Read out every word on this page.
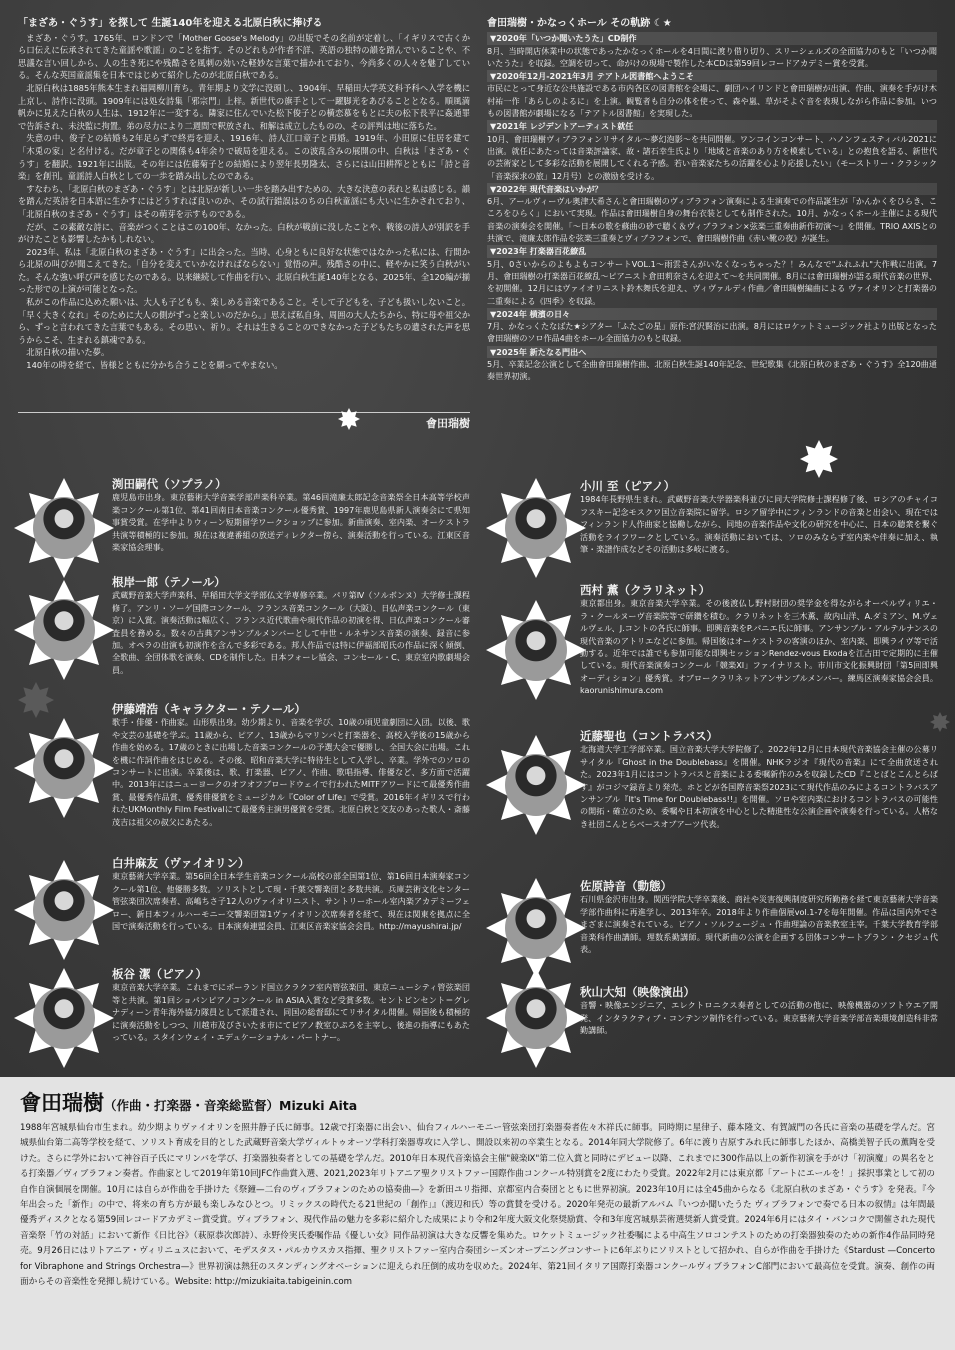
「まざあ・ぐうす」を探して 生誕140年を迎える北原白秋に捧げる

まざあ・ぐうす。1765年、ロンドンで「Mother Goose's Melody」の出版でその名前が定着し、「イギリスで古くから口伝えに伝承されてきた童謡や歌謡」のことを指す。そのどれもが作者不詳、英語の独特の韻を踏んでいることや、不思議な言い回しから、人の生き死にや残酷さを風刺の効いた軽妙な言葉で描かれており、今尚多くの人々を魅了している。そんな英国童謡集を日本ではじめて紹介したのが北原白秋である。

北原白秋は1885年熊本生まれ福岡柳川育ち。青年期より文学に没頭し、1904年、早稲田大学英文科予科へ入学を機に上京し、詩作に没頭。1909年には処女詩集「邪宗門」上梓。新世代の旗手として一躍脚光をあびることとなる。順風満帆かに見えた白秋の人生は、1912年に一変する。隣家に住んでいた松下俊子との横恋慕をもとに夫の松下長平に姦通罪で告訴され、未決監に拘置。弟の尽力により二週間で釈放され、和解は成立したものの、その評判は地に落ちた。

失意の中、俊子との結婚も2年足らずで終焉を迎え、1916年、詩人江口章子と再婚。1919年、小田原に住居を建て「木兎の家」と名付ける。だが章子との関係も4年余りで破局を迎える。この波乱含みの展開の中、白秋は「まざあ・ぐうす」を翻訳。1921年に出版。その年には佐藤菊子との結婚により翌年長男隆太、さらには山田耕筰とともに「詩と音楽」を創刊。童謡詩人白秋としての一歩を踏み出したのである。

すなわち、「北原白秋のまざあ・ぐうす」とは北原が新しい一歩を踏み出すための、大きな決意の表れと私は感じる。韻を踏んだ英詩を日本語に生かすにはどうすれば良いのか、その試行錯誤はのちの白秋童謡にも大いに生かされており、「北原白秋のまざあ・ぐうす」はその萌芽を示すものである。

だが、この素敵な詩に、音楽がつくことはこの100年、なかった。白秋が戦前に没したことや、戦後の詩人が別訳を手がけたことも影響したかもしれない。

2023年、私は「北原白秋のまざあ・ぐうす」に出会った。当時、心身ともに良好な状態ではなかった私には、行間から北原の叫びが聞こえてきた。「自分を変えていかなければならない」覚悟の声。残酷さの中に、軽やかに笑う白秋がいた。そんな強い呼び声を感じたのである。以来継続して作曲を行い、北原白秋生誕140年となる、2025年、全120編が揃った形での上演が可能となった。

私がこの作品に込めた願いは、大人も子どもも、楽しめる音楽であること。そして子どもを、子ども扱いしないこと。「早く大きくなれ」そのために大人の側がずっと楽しいのだから。」思えば私自身、周囲の大人たちから、特に母や祖父から、ずっと言われてきた言葉でもある。その思い、祈り。それは生きることのできなかった子どもたちの遺された声を思うからこそ、生まれる鎮魂である。

北原白秋の描いた夢。

140年の時を経て、皆様とともに分かち合うことを願ってやまない。

會田瑞樹
會田瑞樹・かなっくホール その軌跡 ☾★
▼2020年「いつか聞いたうた」CD制作
8月、当時開店休業中の状態であったかなっくホールを4日間に渡り借り切り、スリーシェルズの全面協力のもと「いつか聞いたうた」を収録。空調を切って、命がけの現場で製作した本CDは第59回レコードアカデミー賞を受賞。
▼2020年12月-2021年3月 テアトル図書館へようこそ
市民にとって身近な公共施設である市内各区の図書館を会場に、劇団ハイリンドと會田瑞樹が出演、作曲、演奏を手がけ木村祐一作「あらしのよるに」を上演。観覧者も自分の体を使って、森や嵐、草がそよぐ音を表現しながら作品に参加。いつもの図書館が劇場になる「テアトル図書館」を実現した。
▼2021年 レジデントアーティスト就任
10月、會田瑞樹ヴィブラフォンリサイタル～夢幻泡影～を共同開催。ワンコインコンサート、ハノンフェスティバル2021に出演。就任にあたっては音楽評論家、故・諸石幸生氏より「地域と音楽のあり方を模索している」との抱負を語る、新世代の芸術家として多彩な活動を展開してくれる予感。若い音楽家たちの活躍を心より応援したい」（モーストリー・クラシック「音楽探求の旅」12月号）との激励を受ける。
▼2022年 現代音楽はいかが？
6月、アールヴィーヴル奥津大希さんと會田瑞樹のヴィブラフォン演奏による生演奏での作品誕生が「かんかくをひらき、こころをひらく」において実現。作品は會田瑞樹自身の舞台衣装としても制作された。10月、かなっくホール主催による現代音楽の演奏会を開催。「～日本の歌を蘇曲の砂で聴く＆ヴィブラフォン×弦楽三重奏曲新作初演～」を開催。TRIO AXISとの共演で、滝廉太郎作品を弦楽三重奏とヴィブラフォンで、會田瑞樹作曲《赤い靴の夜》が誕生。
▼2023年 打楽器百花繚乱
5月、0さいからのよもよもコンサートVOL.1～雨雲さんがいなくなっちゃった？！みんなで"ふれふれ"大作戦に出演。7月、會田瑞樹の打楽器百花繚乱～ピアニスト倉田莉奈さんを迎えて～を共同開催。8月には會田瑞樹が語る現代音楽の世界、を初開催。12月にはヴァイオリニスト鈴木舞氏を迎え、ヴィヴァルディ作曲／會田瑞樹編曲による ヴァイオリンと打楽器の二重奏による《四季》を収録。
▼2024年 横濱の日々
7月、かなっくたなばた★シアター「ふたごの星」原作:宮沢賢治に出演。8月にはロケットミュージック社より出版となった會田瑞樹のソロ作品4曲をホール全面協力のもと収録。
▼2025年 新たなる門出へ
5月、卒業記念公演として全曲會田瑞樹作曲、北原白秋生誕140年記念、世紀歌集《北原白秋のまざあ・ぐうす》全120曲通奏世界初演。
渕田嗣代（ソプラノ）
鹿児島市出身。東京藝術大学音楽学部声楽科卒業。第46回滝廉太郎記念音楽祭全日本高等学校声楽コンクール第1位、第41回南日本音楽コンクール優秀賞、1997年鹿児島県新人演奏会にて県知事賞受賞。在学中よりウィーン短期留学ワークショップに参加。新曲演奏、室内楽、オーケストラ共演等積極的に参加。現在は複違番組の放送ディレクター傍ら、演奏活動を行っている。江東区音楽家協会理事。
根岸一郎（テノール）
武蔵野音楽大学声楽科、早稲田大学文学部仏文学専修卒業。パリ第Ⅳ（ソルボンヌ）大学修士課程修了。アンリ・ソーゲ国際コンクール、フランス音楽コンクール（大阪）、日仏声楽コンクール（東京）に入賞。演奏活動は幅広く、フランス近代歌曲や現代作品の初演を得、日仏声楽コンクール審査員を務める。数々の古典アンサンブルメンバーとして中世・ルネサンス音楽の演奏、録音に参加。オペラの出演も初演作を含んで多彩である。邦人作品では特に伊福部昭氏の作品に深く傾倒、全歌曲、全団体歌を演奏、CDを制作した。日本フォーレ協会、コンセール・C、東京室内歌劇場会員。
伊藤靖浩（キャラクター・テノール）
歌手・俳優・作曲家。山形県出身。幼少期より、音楽を学び、10歳の頃児童劇団に入団。以後、歌や文芸の基礎を学ぶ。11歳から、ピアノ、13歳からマリンバと打楽器を、高校入学後の15歳から作曲を始める。17歳のときに出場した音楽コンクールの予選大会で優勝し、全国大会に出場。これを機に作詞作曲をはじめる。その後、昭和音楽大学に特待生として入学し、卒業。学外でのソロのコンサートに出演。卒業後は、歌、打楽器、ピアノ、作曲、歌唱指導、俳優など、多方面で活躍中。2013年にはニューヨークのオフオフブロードウェイで行われたMITFアワードにて最優秀作曲賞、最優秀作品賞、優秀俳優賞をミュージカル『Color of Life』で受賞。2016年イギリスで行われたUKMonthly Film Festivalにて最優秀主演男優賞を受賞。北原白秋と交友のあった歌人・斎藤茂吉は祖父の叔父にあたる。
白井麻友（ヴァイオリン）
東京藝術大学卒業。第56回全日本学生音楽コンクール高校の部全国第1位、第16回日本演奏家コンクール第1位、他優勝多数。ソリストとして現・千葉交響楽団と多数共演。兵庫芸術文化センター管弦楽団次席奏者、高嶋ちさ子12人のヴァイオリニスト、サントリーホール室内楽アカデミーフェロー、新日本フィルハーモニー交響楽団第1ヴァイオリン次席奏者を経て、現在は関東を拠点に全国で演奏活動を行っている。日本演奏連盟会員、江東区音楽家協会会員。http://mayushirai.jp/
板谷 潔（ピアノ）
東京音楽大学卒業。これまでにポーランド国立クラクフ室内管弦楽団、東京ニューシティ管弦楽団等と共演。第1回ショパンピアノコンクール in ASIA入賞など受賞多数。セントビンセント＝グレナディーン青年海外協力隊員として派遣され、同国の総督邸にてリサイタル開催。帰国後も積極的に演奏活動をしつつ、川越市及びさいたま市にてピアノ教室ひぷろを主宰し、後進の指導にもあたっている。スタインウェイ・エデュケーショナル・パートナー。
小川 至（ピアノ）
1984年長野県生まれ。武蔵野音楽大学器楽科並びに同大学院修士課程修了後、ロシアのチャイコフスキー記念モスクワ国立音楽院に留学。ロシア留学中にフィンランドの音楽と出会い、現在ではフィンランド人作曲家と協働しながら、同地の音楽作品や文化の研究を中心に、日本の聴衆を繋ぐ活動をライフワークとしている。演奏活動においては、ソロのみならず室内楽や伴奏に加え、執筆・楽譜作成などその活動は多岐に渡る。
西村 薫（クラリネット）
東京都出身。東京音楽大学卒業。その後渡仏し野村財団の奨学金を得ながらオーベルヴィリエ・ラ・クールヌーヴ音楽院等で研鑽を積む。クラリネットを三木薫、故内山洋、A.ダミアン、M.ヴェルヴェル、J.コントの各氏に師事。即興音楽をP.パニエ氏に師事。アンサンブル・アルテルナンスの現代音楽のアトリエなどに参加。帰国後はオーケストラの客演のほか、室内楽、即興ライヴ等で活動する。近年では誰でも参加可能な即興セッションRendez-vous Ekodaを江古田で定期的に主催している。現代音楽演奏コンクール「競楽XI」ファイナリスト。市川市文化振興財団「第5回即興オーディション」優秀賞。オブロークラリネットアンサンブルメンバー。練馬区演奏家協会会員。kaorunishimura.com
近藤聖也（コントラバス）
北海道大学工学部卒業。国立音楽大学大学院修了。2022年12月に日本現代音楽協会主催の公募リサイタル『Ghost in the Doublebass』を開催。NHKラジオ『現代の音楽』にて全曲放送された。2023年1月にはコントラバスと音楽による委嘱新作のみを収録したCD『ことばとこんとらばす』がコジマ録音より発売。ホとどが各国際音楽祭2023にて現代作品のみによるコントラバスアンサンブル『It's Time for Doublebass!!』を開催。ソロや室内楽におけるコントラバスの可能性の開拓・確立のため、委嘱や日本初演を中心とした精進性な公演企画や演奏を行っている。人格なき社団こんとらべースオブアーツ代表。
佐原詩音（動態）
石川県金沢市出身。関西学院大学卒業後、商社や災害復興制度研究所勤務を経て東京藝術大学音楽学部作曲科に再進学し、2013年卒。2018年より作曲個展vol.1-7を毎年開催。作品は国内外でさまざまに演奏されている。ピアノ・ソルフェージュ・作曲理論の音楽教室主宰。千葉大学教育学部音楽科作曲講師。理数系勤講師。現代新曲の公演を企画する団体コンサートプラン・クセジュ代表。
秋山大知（映像演出）
音響・映像エンジニア、エレクトロニクス奏者としての活動の他に、映像機器のソフトウエア開発、インタラクティブ・コンテンツ制作を行っている。東京藝術大学音楽学部音楽環境創造科非常勤講師。
會田瑞樹（作曲・打楽器・音楽総監督）Mizuki Aita
1988年宮城県仙台市生まれ。幼少期よりヴァイオリンを照井静子氏に師事。12歳で打楽器に出会い、仙台フィルハーモニー管弦楽団打楽器奏者佐々木祥氏に師事。同時期に星律子、藤本隆文、有賀誠門の各氏に音楽の基礎を学んだ。宮城県仙台第二高等学校を経て、ソリスト育成を目的とした武蔵野音楽大学ヴィルトゥオーソ学科打楽器専攻に入学し、開設以来初の卒業生となる。2014年同大学院修了。6年に渡り吉原すみれ氏に師事したほか、高橋美智子氏の薫陶を受けた。さらに学外において神谷百子氏にマリンバを学び、打楽器独奏者としての基礎を学んだ。2010年日本現代音楽協会主催"競楽Ⅸ"第二位入賞と同時にデビュー以降、これまでに300作品以上の新作初演を手がけ「初演魔」の異名をとる打楽器／ヴィブラフォン奏者。作曲家として2019年第10回JFC作曲賞入選、2021,2023年リトアニア聖クリストファー国際作曲コンクール特別賞を2度にわたり受賞。2022年2月には東京都「アートにエールを！」採択事業として初の自作自演個展を開催。10月には自らが作曲を手掛けた《祭鐘—二台のヴィブラフォンのための協奏曲—》を新田ユリ指揮、京都室内合奏団とともに世界初演。2023年10月には全45曲からなる《北原白秋のまざあ・ぐうす》を発表。『今年出会った「新作」の中で、将来の育ち方が最も楽しみなひとつ。リミックスの時代たる21世紀の「創作」』（渡辺和氏）等の賞賛を受ける。2020年発売の最新アルバム『いつか聞いたうた ヴィブラフォンで奏でる日本の叙情』は年間最優秀ディスクとなる第59回レコードアカデミー賞受賞。ヴィブラフォン、現代作品の魅力を多彩に紹介した成果により令和2年度大阪文化祭奨励賞、令和3年度宮城県芸術選奨新人賞受賞。2024年6月にはタイ・バンコクで開催された現代音楽祭「竹の対話」において新作《日比谷》（萩原恭次郎詩）、永野伶実氏委嘱作品《優しい女》同作品初演は大きな反響を集めた。ロケットミュージック社委嘱による中高生ソロコンテストのための打楽器独奏のための新作4作品同時発売。9月26日にはリトアニア・ヴィリニュスにおいて、モデスタス・パルカウスカス指揮、聖クリストファー室内合奏団シーズンオープニングコンサートに6年ぶりにソリストとして招かれ、自らが作曲を手掛けた《Stardust —Concerto for Vibraphone and Strings Orchestra—》世界初演は熱狂のスタンディングオベーションに迎えられ圧倒的成功を収めた。2024年、第21回イタリア国際打楽器コンクールヴィブラフォンC部門において最高位を受賞。演奏、創作の両面からその音楽性を発揮し続けている。Website: http://mizukiaita.tabigeinin.com
